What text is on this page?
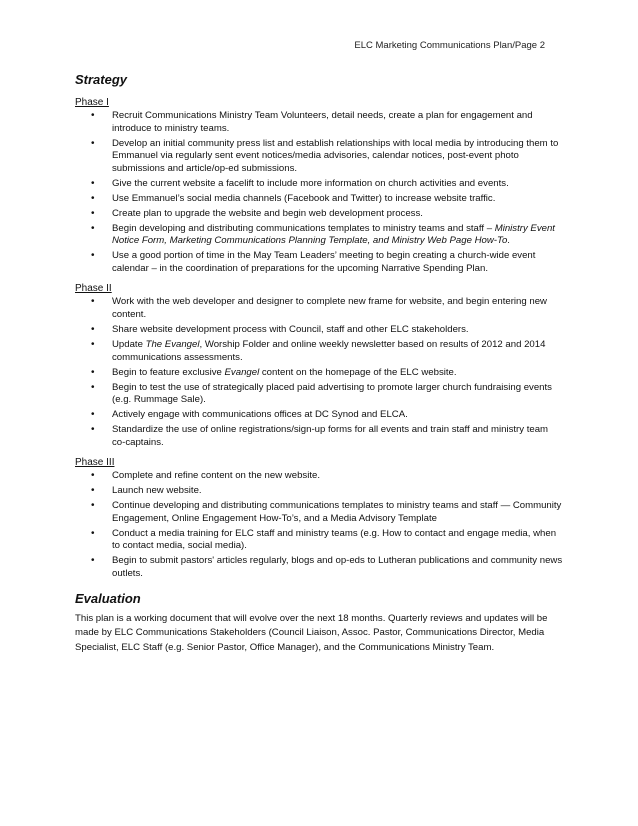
ELC Marketing Communications Plan/Page 2
Strategy

Phase I

• Recruit Communications Ministry Team Volunteers, detail needs, create a plan for engagement and introduce to ministry teams.
• Develop an initial community press list and establish relationships with local media by introducing them to Emmanuel via regularly sent event notices/media advisories, calendar notices, post-event photo submissions and article/op-ed submissions.
• Give the current website a facelift to include more information on church activities and events.
• Use Emmanuel’s social media channels (Facebook and Twitter) to increase website traffic.
• Create plan to upgrade the website and begin web development process.
• Begin developing and distributing communications templates to ministry teams and staff – Ministry Event Notice Form, Marketing Communications Planning Template, and Ministry Web Page How-To.
• Use a good portion of time in the May Team Leaders’ meeting to begin creating a church-wide event calendar – in the coordination of preparations for the upcoming Narrative Spending Plan.

Phase II

• Work with the web developer and designer to complete new frame for website, and begin entering new content.
• Share website development process with Council, staff and other ELC stakeholders.
• Update The Evangel, Worship Folder and online weekly newsletter based on results of 2012 and 2014 communications assessments.
• Begin to feature exclusive Evangel content on the homepage of the ELC website.
• Begin to test the use of strategically placed paid advertising to promote larger church fundraising events (e.g. Rummage Sale).
• Actively engage with communications offices at DC Synod and ELCA.
• Standardize the use of online registrations/sign-up forms for all events and train staff and ministry team co-captains.

Phase III

• Complete and refine content on the new website.
• Launch new website.
• Continue developing and distributing communications templates to ministry teams and staff — Community Engagement, Online Engagement How-To’s, and a Media Advisory Template
• Conduct a media training for ELC staff and ministry teams (e.g. How to contact and engage media, when to contact media, social media).
• Begin to submit pastors' articles regularly, blogs and op-eds to Lutheran publications and community news outlets.
Evaluation

This plan is a working document that will evolve over the next 18 months. Quarterly reviews and updates will be made by ELC Communications Stakeholders (Council Liaison, Assoc. Pastor, Communications Director, Media Specialist, ELC Staff (e.g. Senior Pastor, Office Manager), and the Communications Ministry Team.
